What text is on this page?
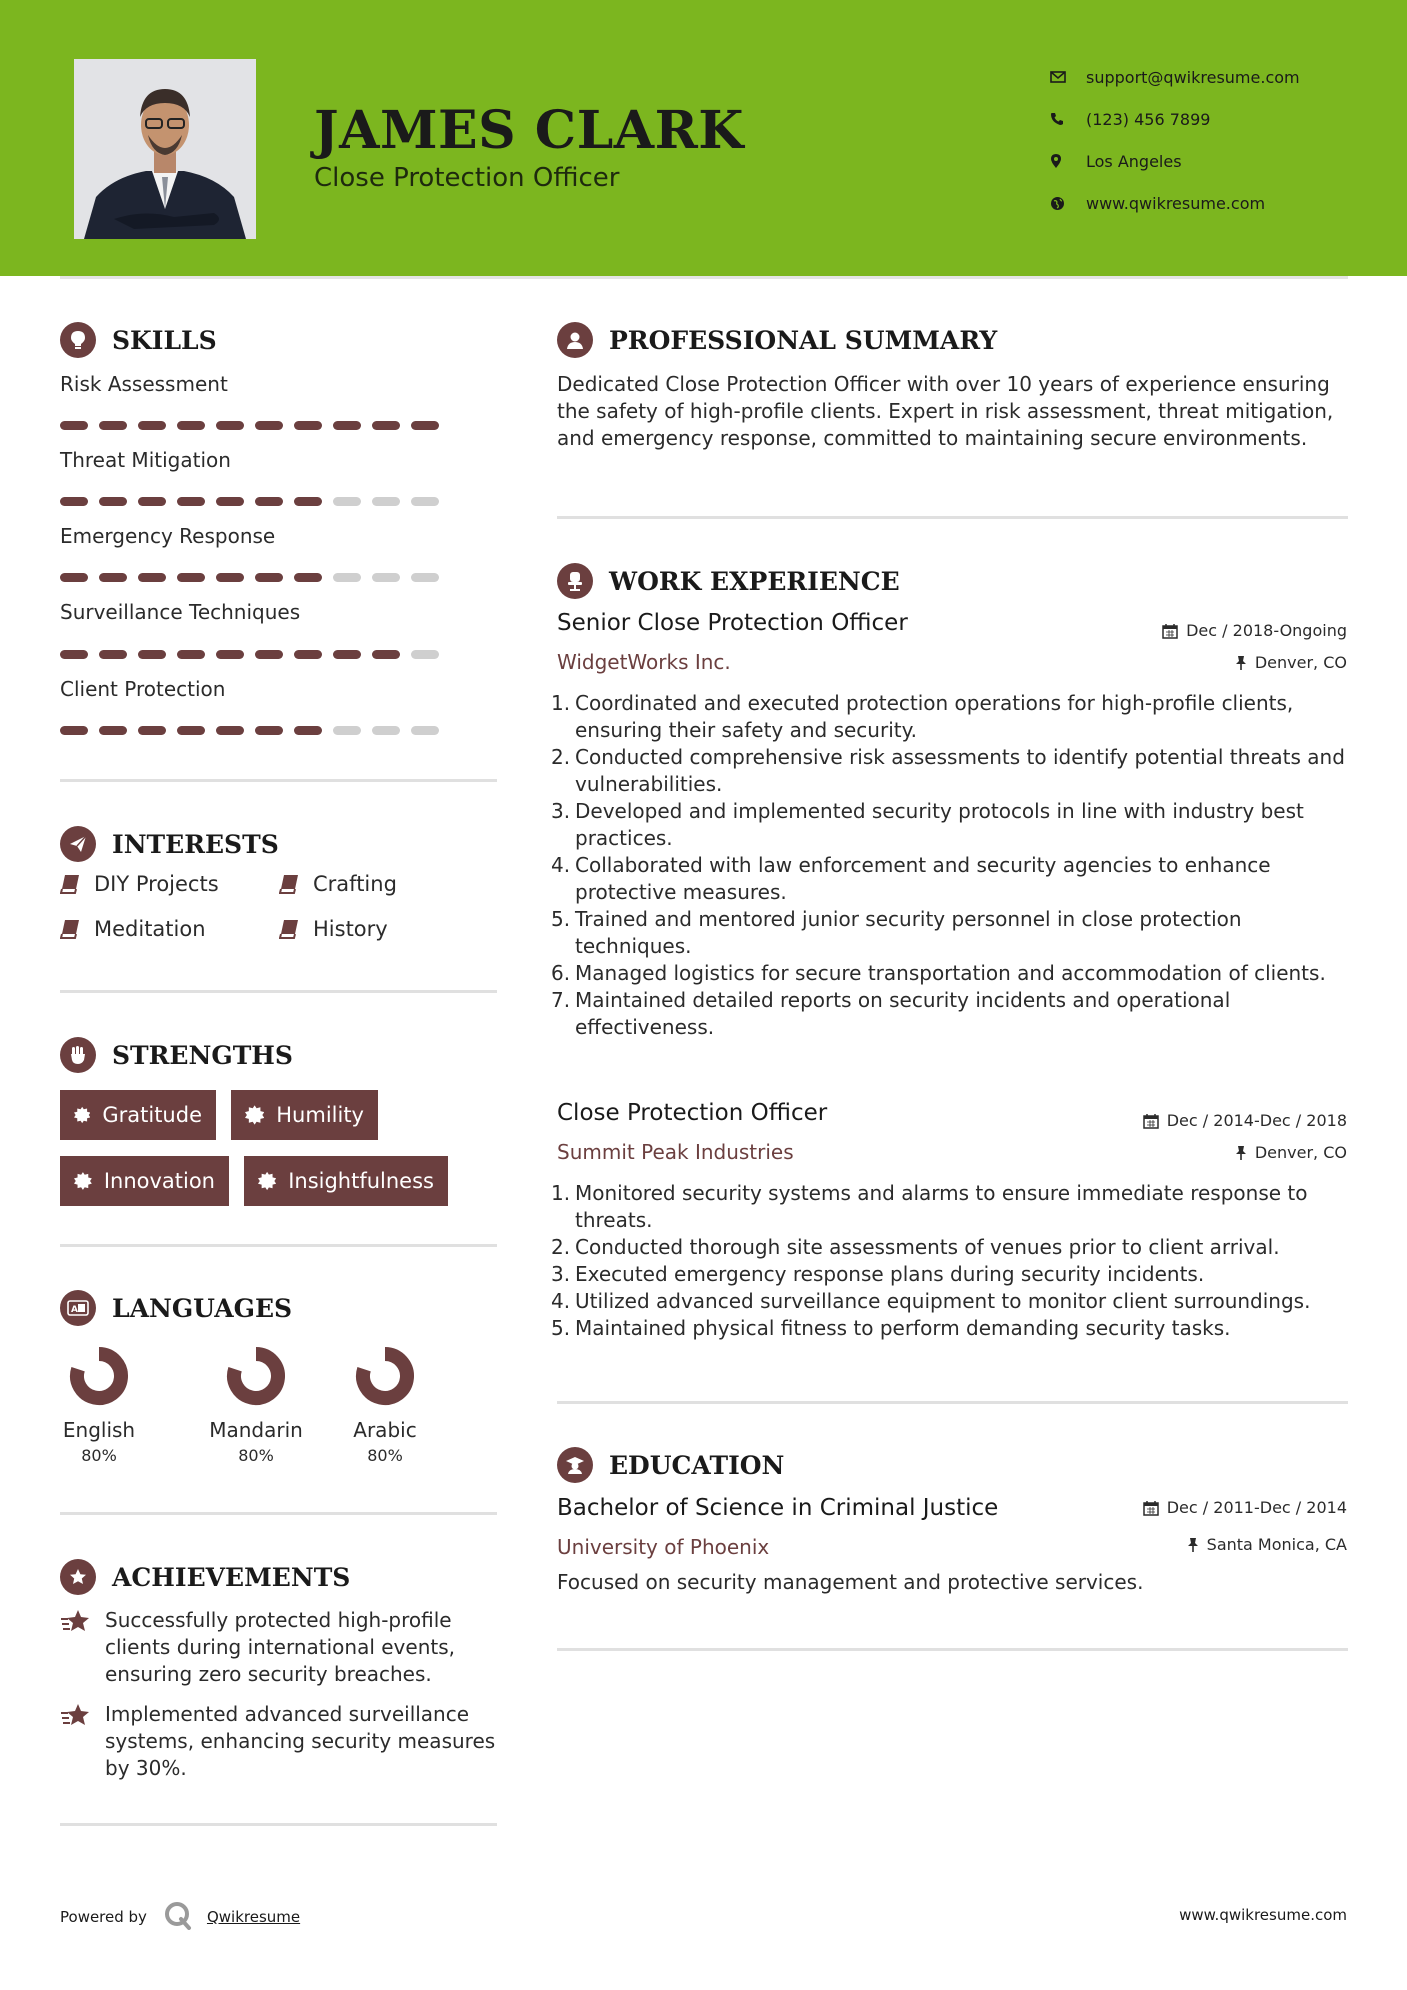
JAMES CLARK
Close Protection Officer
support@qwikresume.com
(123) 456 7899
Los Angeles
www.qwikresume.com
SKILLS
Risk Assessment
Threat Mitigation
Emergency Response
Surveillance Techniques
Client Protection
INTERESTS
DIY Projects	Crafting
Meditation	History
STRENGTHS
Gratitude	Humility
Innovation	Insightfulness
A LANGUAGES
English
80%
Mandarin
80%
Arabic
80%
ACHIEVEMENTS
Successfully protected high-profile clients during international events, ensuring zero security breaches.
Implemented advanced surveillance systems, enhancing security measures by 30%.
PROFESSIONAL SUMMARY
Dedicated Close Protection Officer with over 10 years of experience ensuring the safety of high-profile clients. Expert in risk assessment, threat mitigation, and emergency response, committed to maintaining secure environments.
WORK EXPERIENCE
Senior Close Protection Officer	Dec / 2018-Ongoing
WidgetWorks Inc.	Denver, CO
1. Coordinated and executed protection operations for high-profile clients, ensuring their safety and security.
2. Conducted comprehensive risk assessments to identify potential threats and vulnerabilities.
3. Developed and implemented security protocols in line with industry best practices.
4. Collaborated with law enforcement and security agencies to enhance protective measures.
5. Trained and mentored junior security personnel in close protection techniques.
6. Managed logistics for secure transportation and accommodation of clients.
7. Maintained detailed reports on security incidents and operational effectiveness.
Close Protection Officer	Dec / 2014-Dec / 2018
Summit Peak Industries	Denver, CO
1. Monitored security systems and alarms to ensure immediate response to threats.
2. Conducted thorough site assessments of venues prior to client arrival.
3. Executed emergency response plans during security incidents.
4. Utilized advanced surveillance equipment to monitor client surroundings.
5. Maintained physical fitness to perform demanding security tasks.
EDUCATION
Bachelor of Science in Criminal Justice	Dec / 2011-Dec / 2014
University of Phoenix	Santa Monica, CA
Focused on security management and protective services.
Powered by	Qwikresume	www.qwikresume.com
